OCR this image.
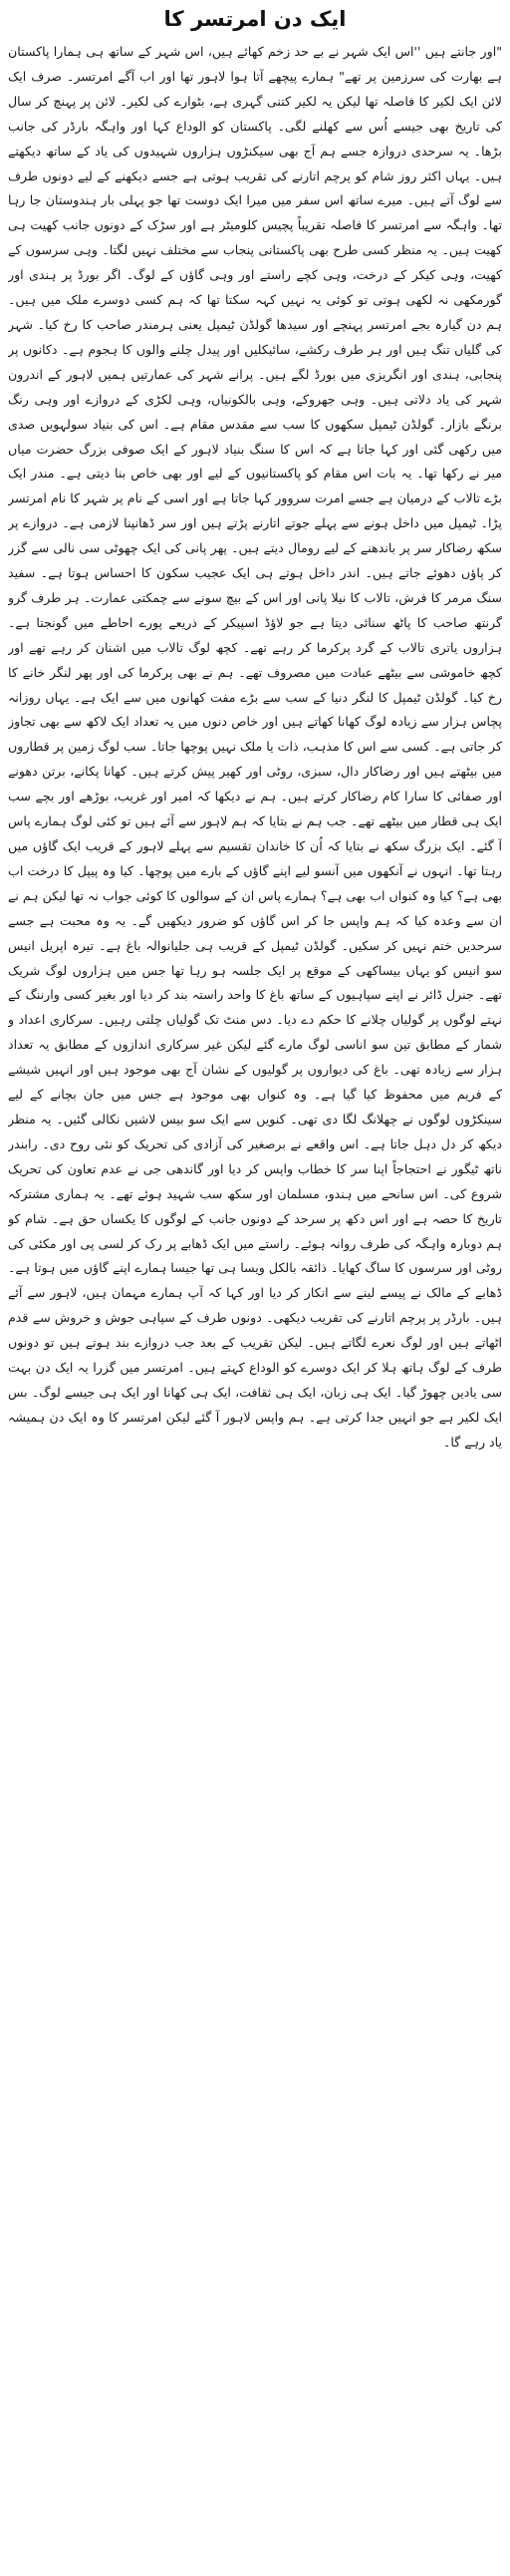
ایک دن امرتسر کا

"اور جانتے ہیں ''اس ایک شہر نے بے حد زخم کھائے ہیں، اس شہر کے ساتھ ہی ہمارا پاکستان ہے بھارت کی سرزمین پر تھے" ہمارے پیچھے آتا ہوا لاہور تھا اور اب آگے امرتسر۔ صرف ایک لائن ایک لکیر کا فاصلہ تھا لیکن یہ لکیر کتنی گہری ہے، بٹوارے کی لکیر۔ لائن پر پہنچ کر سال کی تاریخ بھی جیسے اُس سے کھلنے لگی۔ پاکستان کو الوداع کہا اور واہگہ بارڈر کی جانب بڑھا۔ یہ سرحدی دروازہ جسے ہم آج بھی سیکنڑوں ہزاروں شہیدوں کی یاد کے ساتھ دیکھتے ہیں۔ یہاں اکثر روز شام کو پرچم اتارنے کی تقریب ہوتی ہے جسے دیکھنے کے لیے دونوں طرف سے لوگ آتے ہیں۔ میرے ساتھ اس سفر میں میرا ایک دوست تھا جو پہلی بار ہندوستان جا رہا تھا۔ واہگہ سے امرتسر کا فاصلہ تقریباً پچیس کلومیٹر ہے اور سڑک کے دونوں جانب کھیت ہی کھیت ہیں۔ یہ منظر کسی طرح بھی پاکستانی پنجاب سے مختلف نہیں لگتا۔ وہی سرسوں کے کھیت، وہی کیکر کے درخت، وہی کچے راستے اور وہی گاؤں کے لوگ۔ اگر بورڈ پر ہندی اور گورمکھی نہ لکھی ہوتی تو کوئی یہ نہیں کہہ سکتا تھا کہ ہم کسی دوسرے ملک میں ہیں۔ ہم دن گیارہ بجے امرتسر پہنچے اور سیدھا گولڈن ٹیمپل یعنی ہرمندر صاحب کا رخ کیا۔ شہر کی گلیاں تنگ ہیں اور ہر طرف رکشے، سائیکلیں اور پیدل چلنے والوں کا ہجوم ہے۔ دکانوں پر پنجابی، ہندی اور انگریزی میں بورڈ لگے ہیں۔ پرانے شہر کی عمارتیں ہمیں لاہور کے اندرون شہر کی یاد دلاتی ہیں۔ وہی جھروکے، وہی بالکونیاں، وہی لکڑی کے دروازے اور وہی رنگ برنگے بازار۔ گولڈن ٹیمپل سکھوں کا سب سے مقدس مقام ہے۔ اس کی بنیاد سولہویں صدی میں رکھی گئی اور کہا جاتا ہے کہ اس کا سنگ بنیاد لاہور کے ایک صوفی بزرگ حضرت میاں میر نے رکھا تھا۔ یہ بات اس مقام کو پاکستانیوں کے لیے اور بھی خاص بنا دیتی ہے۔ مندر ایک بڑے تالاب کے درمیان ہے جسے امرت سروور کہا جاتا ہے اور اسی کے نام پر شہر کا نام امرتسر پڑا۔ ٹیمپل میں داخل ہونے سے پہلے جوتے اتارنے پڑتے ہیں اور سر ڈھانپنا لازمی ہے۔ دروازے پر سکھ رضاکار سر پر باندھنے کے لیے رومال دیتے ہیں۔ پھر پانی کی ایک چھوٹی سی نالی سے گزر کر پاؤں دھوئے جاتے ہیں۔ اندر داخل ہوتے ہی ایک عجیب سکون کا احساس ہوتا ہے۔ سفید سنگ مرمر کا فرش، تالاب کا نیلا پانی اور اس کے بیچ سونے سے چمکتی عمارت۔ ہر طرف گرو گرنتھ صاحب کا پاٹھ سنائی دیتا ہے جو لاؤڈ اسپیکر کے ذریعے پورے احاطے میں گونجتا ہے۔ ہزاروں یاتری تالاب کے گرد پرکرما کر رہے تھے۔ کچھ لوگ تالاب میں اشنان کر رہے تھے اور کچھ خاموشی سے بیٹھے عبادت میں مصروف تھے۔ ہم نے بھی پرکرما کی اور پھر لنگر خانے کا رخ کیا۔ گولڈن ٹیمپل کا لنگر دنیا کے سب سے بڑے مفت کھانوں میں سے ایک ہے۔ یہاں روزانہ پچاس ہزار سے زیادہ لوگ کھانا کھاتے ہیں اور خاص دنوں میں یہ تعداد ایک لاکھ سے بھی تجاوز کر جاتی ہے۔ کسی سے اس کا مذہب، ذات یا ملک نہیں پوچھا جاتا۔ سب لوگ زمین پر قطاروں میں بیٹھتے ہیں اور رضاکار دال، سبزی، روٹی اور کھیر پیش کرتے ہیں۔ کھانا پکانے، برتن دھونے اور صفائی کا سارا کام رضاکار کرتے ہیں۔ ہم نے دیکھا کہ امیر اور غریب، بوڑھے اور بچے سب ایک ہی قطار میں بیٹھے تھے۔ جب ہم نے بتایا کہ ہم لاہور سے آئے ہیں تو کئی لوگ ہمارے پاس آ گئے۔ ایک بزرگ سکھ نے بتایا کہ اُن کا خاندان تقسیم سے پہلے لاہور کے قریب ایک گاؤں میں رہتا تھا۔ انہوں نے آنکھوں میں آنسو لیے اپنے گاؤں کے بارے میں پوچھا۔ کیا وہ پیپل کا درخت اب بھی ہے؟ کیا وہ کنواں اب بھی ہے؟ ہمارے پاس ان کے سوالوں کا کوئی جواب نہ تھا لیکن ہم نے ان سے وعدہ کیا کہ ہم واپس جا کر اس گاؤں کو ضرور دیکھیں گے۔ یہ وہ محبت ہے جسے سرحدیں ختم نہیں کر سکیں۔ گولڈن ٹیمپل کے قریب ہی جلیانوالہ باغ ہے۔ تیرہ اپریل انیس سو انیس کو یہاں بیساکھی کے موقع پر ایک جلسہ ہو رہا تھا جس میں ہزاروں لوگ شریک تھے۔ جنرل ڈائر نے اپنے سپاہیوں کے ساتھ باغ کا واحد راستہ بند کر دیا اور بغیر کسی وارننگ کے نہتے لوگوں پر گولیاں چلانے کا حکم دے دیا۔ دس منٹ تک گولیاں چلتی رہیں۔ سرکاری اعداد و شمار کے مطابق تین سو اناسی لوگ مارے گئے لیکن غیر سرکاری اندازوں کے مطابق یہ تعداد ہزار سے زیادہ تھی۔ باغ کی دیواروں پر گولیوں کے نشان آج بھی موجود ہیں اور انہیں شیشے کے فریم میں محفوظ کیا گیا ہے۔ وہ کنواں بھی موجود ہے جس میں جان بچانے کے لیے سینکڑوں لوگوں نے چھلانگ لگا دی تھی۔ کنویں سے ایک سو بیس لاشیں نکالی گئیں۔ یہ منظر دیکھ کر دل دہل جاتا ہے۔ اس واقعے نے برصغیر کی آزادی کی تحریک کو نئی روح دی۔ رابندر ناتھ ٹیگور نے احتجاجاً اپنا سر کا خطاب واپس کر دیا اور گاندھی جی نے عدم تعاون کی تحریک شروع کی۔ اس سانحے میں ہندو، مسلمان اور سکھ سب شہید ہوئے تھے۔ یہ ہماری مشترکہ تاریخ کا حصہ ہے اور اس دکھ پر سرحد کے دونوں جانب کے لوگوں کا یکساں حق ہے۔ شام کو ہم دوبارہ واہگہ کی طرف روانہ ہوئے۔ راستے میں ایک ڈھابے پر رک کر لسی پی اور مکئی کی روٹی اور سرسوں کا ساگ کھایا۔ ذائقہ بالکل ویسا ہی تھا جیسا ہمارے اپنے گاؤں میں ہوتا ہے۔ ڈھابے کے مالک نے پیسے لینے سے انکار کر دیا اور کہا کہ آپ ہمارے مہمان ہیں، لاہور سے آئے ہیں۔ بارڈر پر پرچم اتارنے کی تقریب دیکھی۔ دونوں طرف کے سپاہی جوش و خروش سے قدم اٹھاتے ہیں اور لوگ نعرے لگاتے ہیں۔ لیکن تقریب کے بعد جب دروازے بند ہوتے ہیں تو دونوں طرف کے لوگ ہاتھ ہلا کر ایک دوسرے کو الوداع کہتے ہیں۔ امرتسر میں گزرا یہ ایک دن بہت سی یادیں چھوڑ گیا۔ ایک ہی زبان، ایک ہی ثقافت، ایک ہی کھانا اور ایک ہی جیسے لوگ۔ بس ایک لکیر ہے جو انہیں جدا کرتی ہے۔ ہم واپس لاہور آ گئے لیکن امرتسر کا وہ ایک دن ہمیشہ یاد رہے گا۔
